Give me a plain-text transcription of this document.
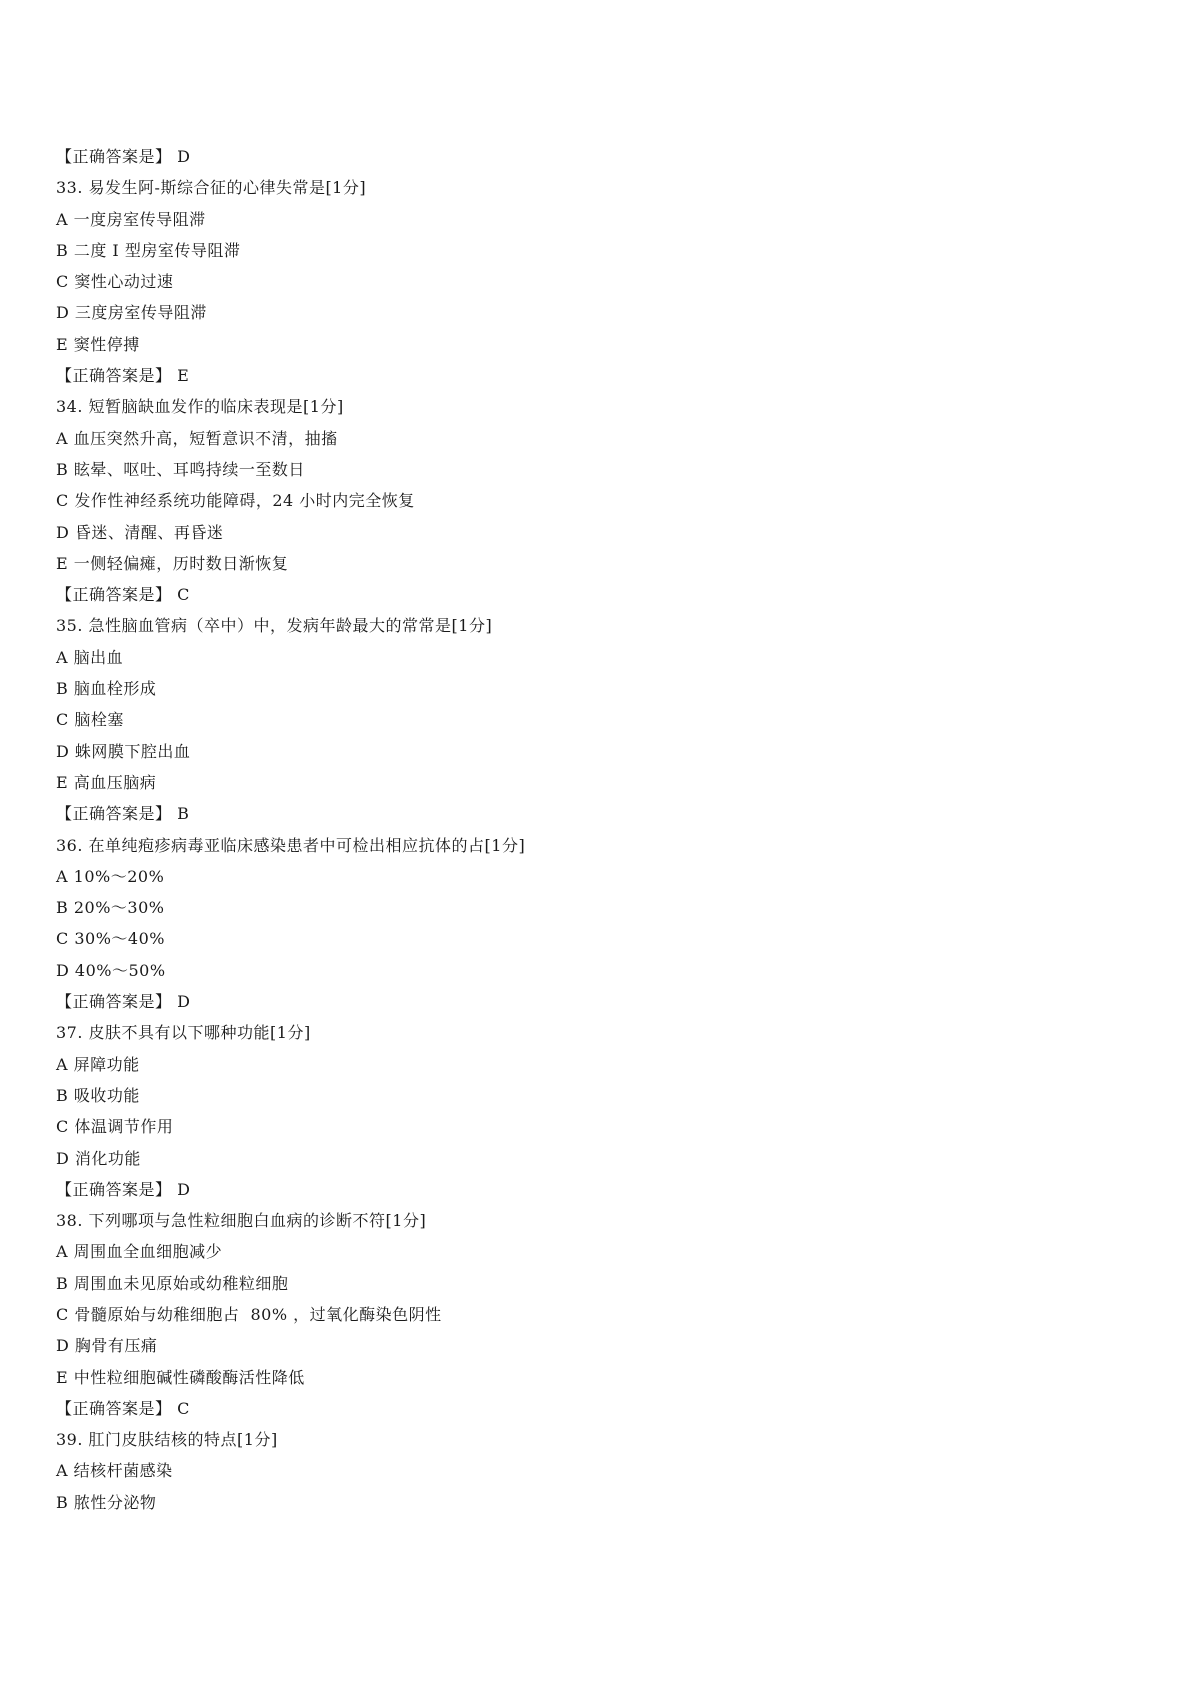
【正确答案是】 D
33. 易发生阿-斯综合征的心律失常是[1分]
A 一度房室传导阻滞
B 二度 I 型房室传导阻滞
C 窦性心动过速
D 三度房室传导阻滞
E 窦性停搏
【正确答案是】 E
34. 短暂脑缺血发作的临床表现是[1分]
A 血压突然升高，短暂意识不清，抽搐
B 眩晕、呕吐、耳鸣持续一至数日
C 发作性神经系统功能障碍，24 小时内完全恢复
D 昏迷、清醒、再昏迷
E 一侧轻偏瘫，历时数日渐恢复
【正确答案是】 C
35. 急性脑血管病（卒中）中，发病年龄最大的常常是[1分]
A 脑出血
B 脑血栓形成
C 脑栓塞
D 蛛网膜下腔出血
E 高血压脑病
【正确答案是】 B
36. 在单纯疱疹病毒亚临床感染患者中可检出相应抗体的占[1分]
A 10%～20%
B 20%～30%
C 30%～40%
D 40%～50%
【正确答案是】 D
37. 皮肤不具有以下哪种功能[1分]
A 屏障功能
B 吸收功能
C 体温调节作用
D 消化功能
【正确答案是】 D
38. 下列哪项与急性粒细胞白血病的诊断不符[1分]
A 周围血全血细胞减少
B 周围血未见原始或幼稚粒细胞
C 骨髓原始与幼稚细胞占  80% ，过氧化酶染色阴性
D 胸骨有压痛
E 中性粒细胞碱性磷酸酶活性降低
【正确答案是】 C
39. 肛门皮肤结核的特点[1分]
A 结核杆菌感染
B 脓性分泌物
